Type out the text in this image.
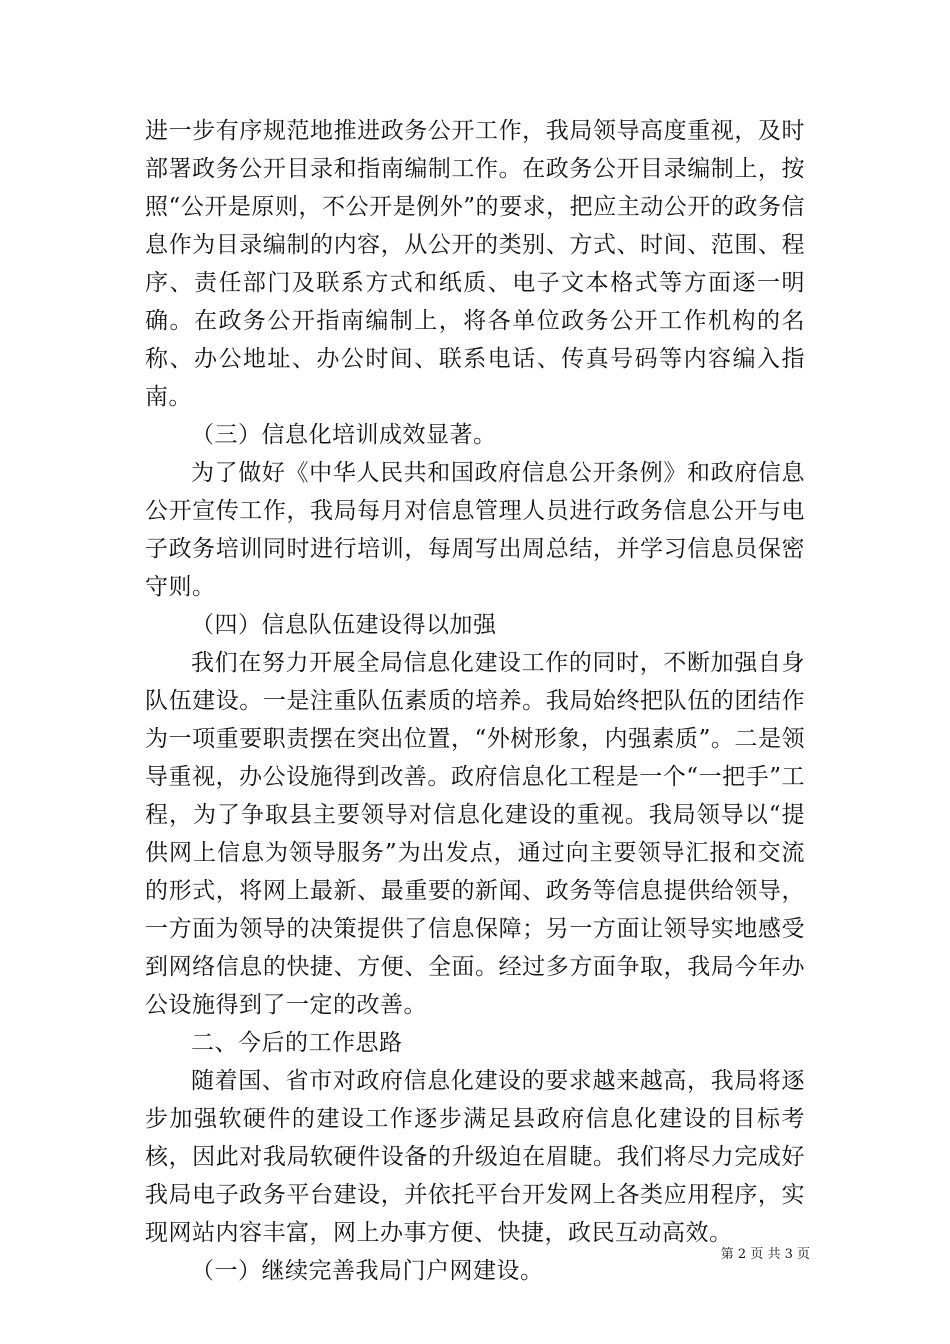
进一步有序规范地推进政务公开工作，我局领导高度重视，及时部署政务公开目录和指南编制工作。在政务公开目录编制上，按照“公开是原则，不公开是例外”的要求，把应主动公开的政务信息作为目录编制的内容，从公开的类别、方式、时间、范围、程序、责任部门及联系方式和纸质、电子文本格式等方面逐一明确。在政务公开指南编制上，将各单位政务公开工作机构的名称、办公地址、办公时间、联系电话、传真号码等内容编入指南。

（三）信息化培训成效显著。

为了做好《中华人民共和国政府信息公开条例》和政府信息公开宣传工作，我局每月对信息管理人员进行政务信息公开与电子政务培训同时进行培训，每周写出周总结，并学习信息员保密守则。

（四）信息队伍建设得以加强

我们在努力开展全局信息化建设工作的同时，不断加强自身队伍建设。一是注重队伍素质的培养。我局始终把队伍的团结作为一项重要职责摆在突出位置，“外树形象，内强素质”。二是领导重视，办公设施得到改善。政府信息化工程是一个“一把手”工程，为了争取县主要领导对信息化建设的重视。我局领导以“提供网上信息为领导服务”为出发点，通过向主要领导汇报和交流的形式，将网上最新、最重要的新闻、政务等信息提供给领导，一方面为领导的决策提供了信息保障；另一方面让领导实地感受到网络信息的快捷、方便、全面。经过多方面争取，我局今年办公设施得到了一定的改善。

二、今后的工作思路

随着国、省市对政府信息化建设的要求越来越高，我局将逐步加强软硬件的建设工作逐步满足县政府信息化建设的目标考核，因此对我局软硬件设备的升级迫在眉睫。我们将尽力完成好我局电子政务平台建设，并依托平台开发网上各类应用程序，实现网站内容丰富，网上办事方便、快捷，政民互动高效。

（一）继续完善我局门户网建设。

第 2 页 共 3 页
